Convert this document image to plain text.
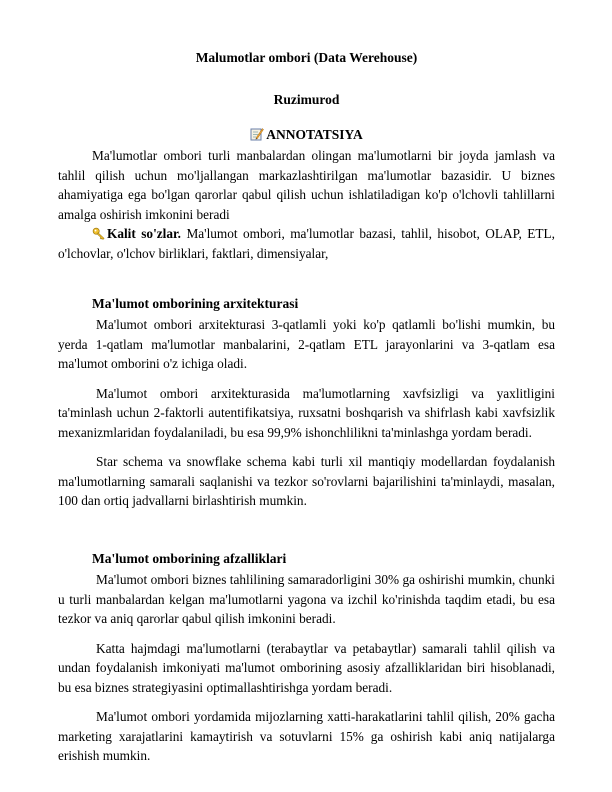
Malumotlar ombori (Data Werehouse)
Ruzimurod
ANNOTATSIYA

Ma'lumotlar ombori turli manbalardan olingan ma'lumotlarni bir joyda jamlash va tahlil qilish uchun mo'ljallangan markazlashtirilgan ma'lumotlar bazasidir. U biznes ahamiyatiga ega bo'lgan qarorlar qabul qilish uchun ishlatiladigan ko'p o'lchovli tahlillarni amalga oshirish imkonini beradi

Kalit so'zlar. Ma'lumot ombori, ma'lumotlar bazasi, tahlil, hisobot, OLAP, ETL, o'lchovlar, o'lchov birliklari, faktlari, dimensiyalar,

Ma'lumot omborining arxitekturasi

Ma'lumot ombori arxitekturasi 3-qatlamli yoki ko'p qatlamli bo'lishi mumkin, bu yerda 1-qatlam ma'lumotlar manbalarini, 2-qatlam ETL jarayonlarini va 3-qatlam esa ma'lumot omborini o'z ichiga oladi.

Ma'lumot ombori arxitekturasida ma'lumotlarning xavfsizligi va yaxlitligini ta'minlash uchun 2-faktorli autentifikatsiya, ruxsatni boshqarish va shifrlash kabi xavfsizlik mexanizmlaridan foydalaniladi, bu esa 99,9% ishonchlilikni ta'minlashga yordam beradi.

Star schema va snowflake schema kabi turli xil mantiqiy modellardan foydalanish ma'lumotlarning samarali saqlanishi va tezkor so'rovlarni bajarilishini ta'minlaydi, masalan, 100 dan ortiq jadvallarni birlashtirish mumkin.

Ma'lumot omborining afzalliklari

Ma'lumot ombori biznes tahlilining samaradorligini 30% ga oshirishi mumkin, chunki u turli manbalardan kelgan ma'lumotlarni yagona va izchil ko'rinishda taqdim etadi, bu esa tezkor va aniq qarorlar qabul qilish imkonini beradi.

Katta hajmdagi ma'lumotlarni (terabaytlar va petabaytlar) samarali tahlil qilish va undan foydalanish imkoniyati ma'lumot omborining asosiy afzalliklaridan biri hisoblanadi, bu esa biznes strategiyasini optimallashtirishga yordam beradi.

Ma'lumot ombori yordamida mijozlarning xatti-harakatlarini tahlil qilish, 20% gacha marketing xarajatlarini kamaytirish va sotuvlarni 15% ga oshirish kabi aniq natijalarga erishish mumkin.
